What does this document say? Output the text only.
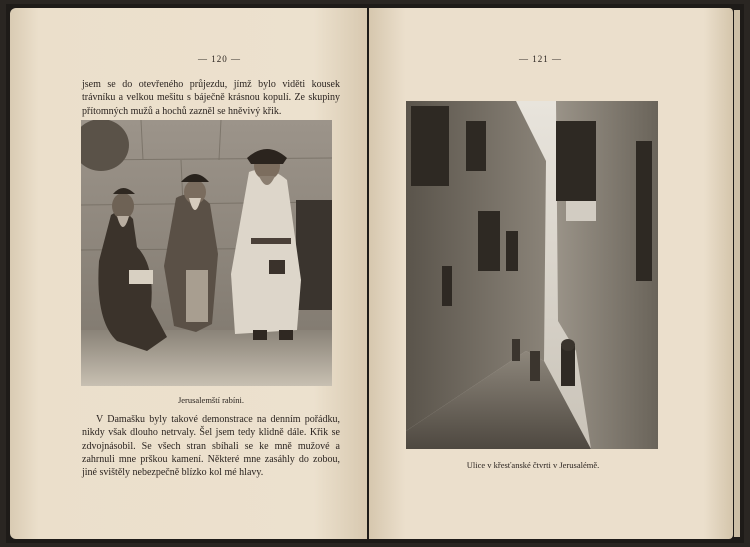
— 120 —
jsem se do otevřeného průjezdu, jímž bylo viděti kousek trávníku a velkou mešitu s báječně krásnou kopulí. Ze skupiny přítomných mužů a hochů zazněl se hněvivý křik.
Jerusalemští rabíni.
V Damašku byly takové demonstrace na denním pořádku, nikdy však dlouho netrvaly. Šel jsem tedy klidně dále. Křik se zdvojnásobil. Se všech stran sbíhali se ke mně mužové a zahrnuli mne prškou kamení. Některé mne zasáhly do zobou, jiné svištěly nebezpečně blízko kol mé hlavy.
— 121 —
Ulice v křesťanské čtvrti v Jerusalémě.
